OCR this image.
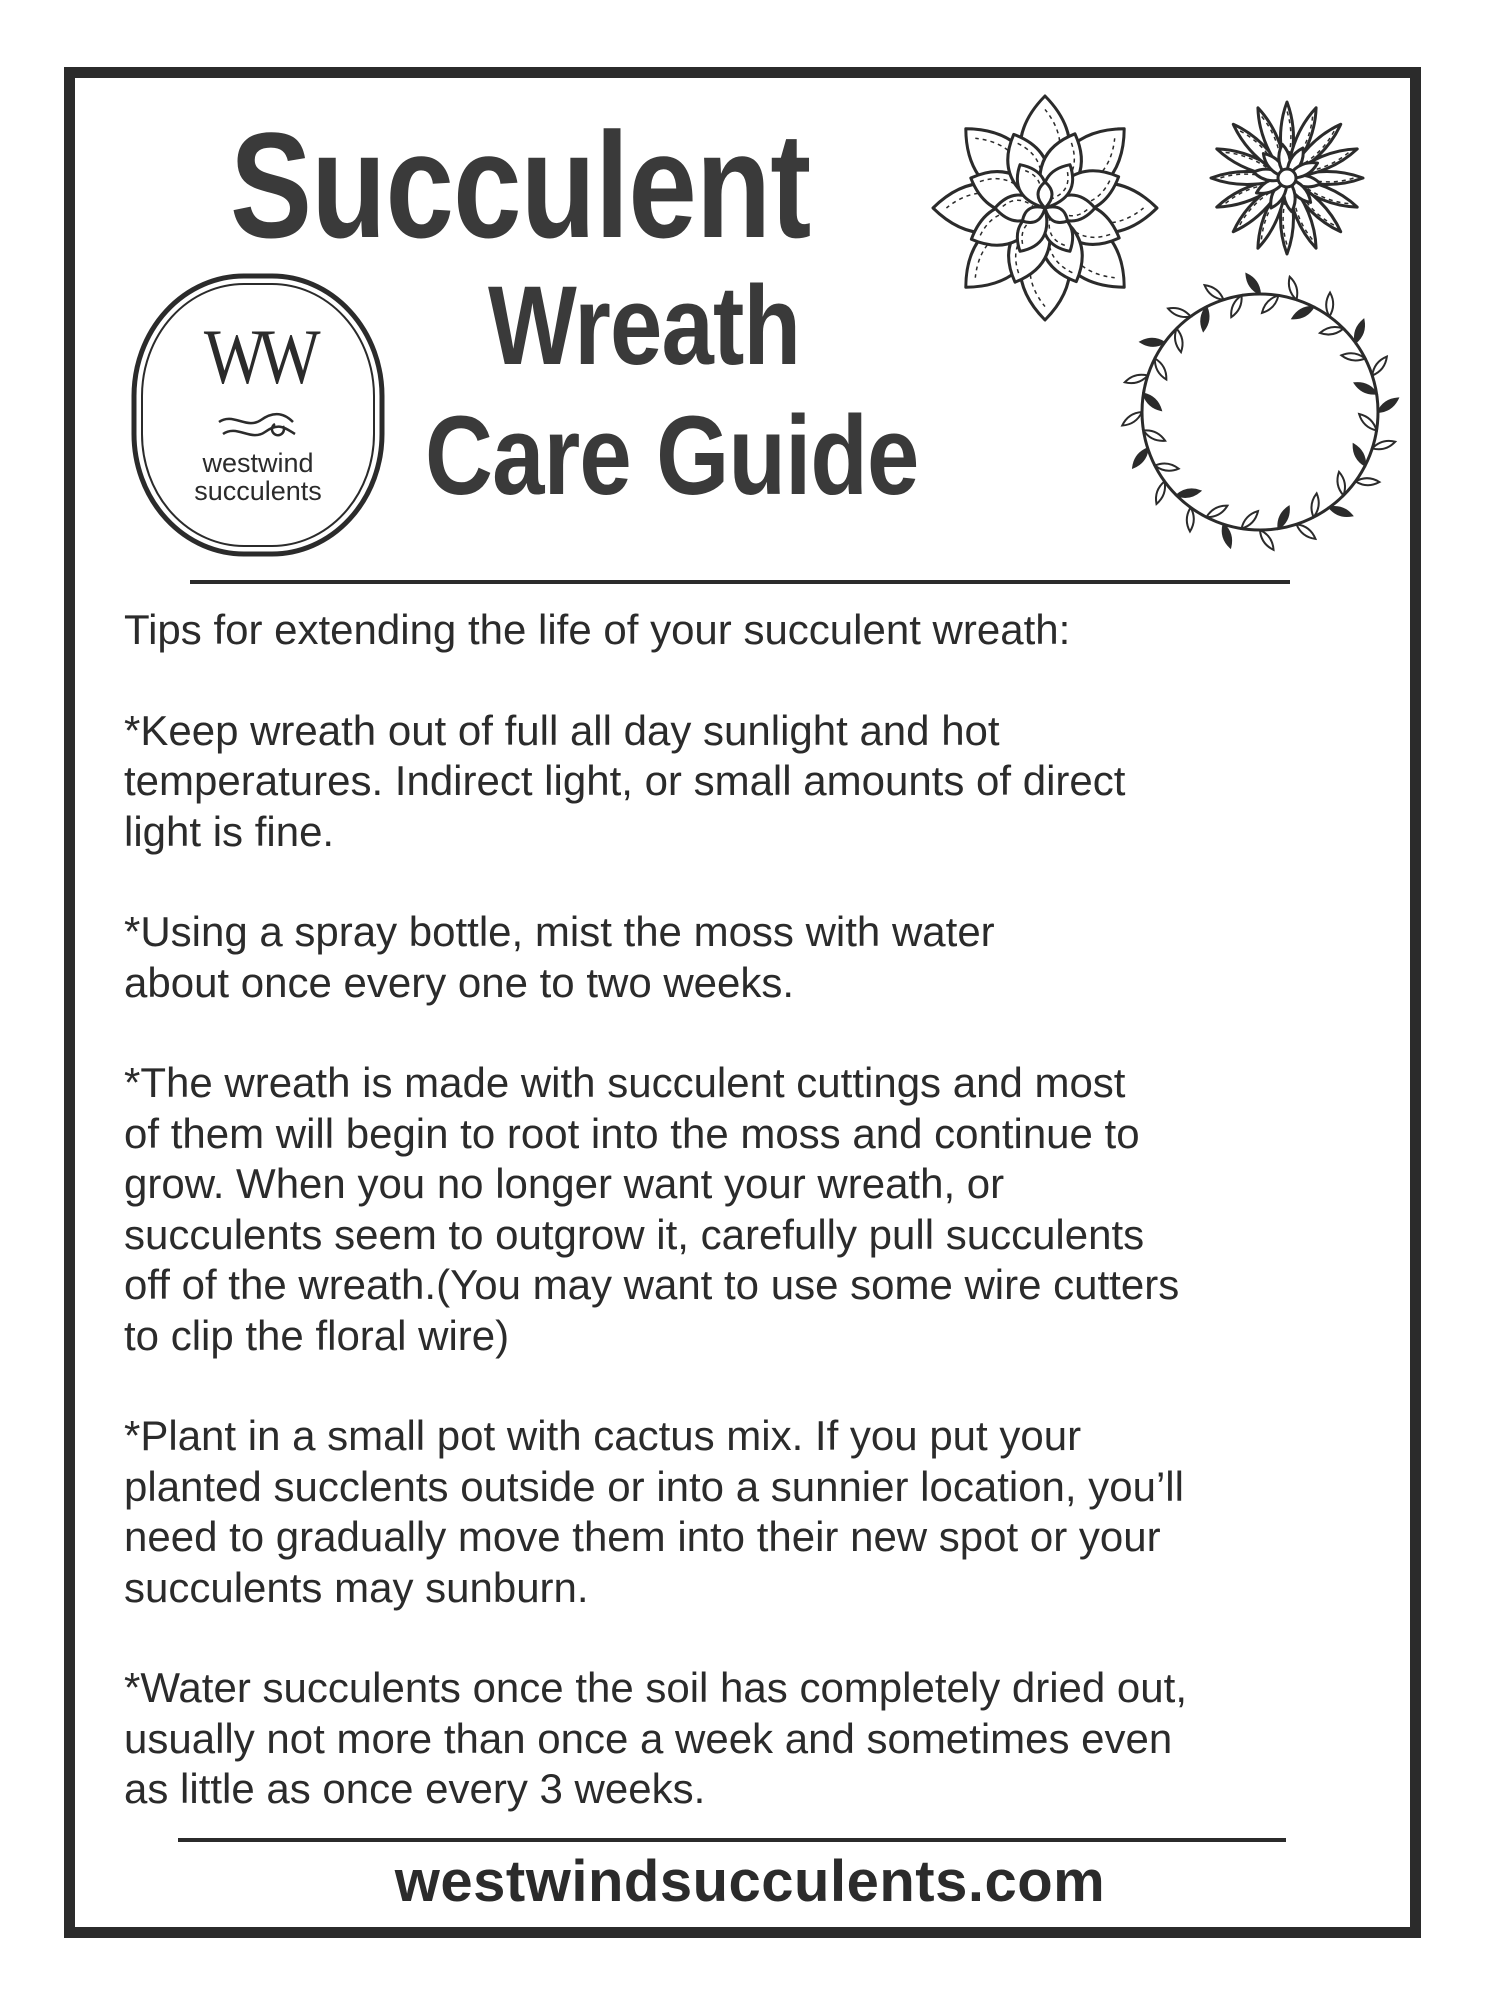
Succulent
Wreath
Care Guide
WW
westwind
succulents

Tips for extending the life of your succulent wreath:

*Keep wreath out of full all day sunlight and hot
temperatures. Indirect light, or small amounts of direct
light is fine.

*Using a spray bottle, mist the moss with water
about once every one to two weeks.

*The wreath is made with succulent cuttings and most
of them will begin to root into the moss and continue to
grow. When you no longer want your wreath, or
succulents seem to outgrow it, carefully pull succulents
off of the wreath.(You may want to use some wire cutters
to clip the floral wire)

*Plant in a small pot with cactus mix. If you put your
planted succlents outside or into a sunnier location, you’ll
need to gradually move them into their new spot or your
succulents may sunburn.

*Water succulents once the soil has completely dried out,
usually not more than once a week and sometimes even
as little as once every 3 weeks.

westwindsucculents.com
